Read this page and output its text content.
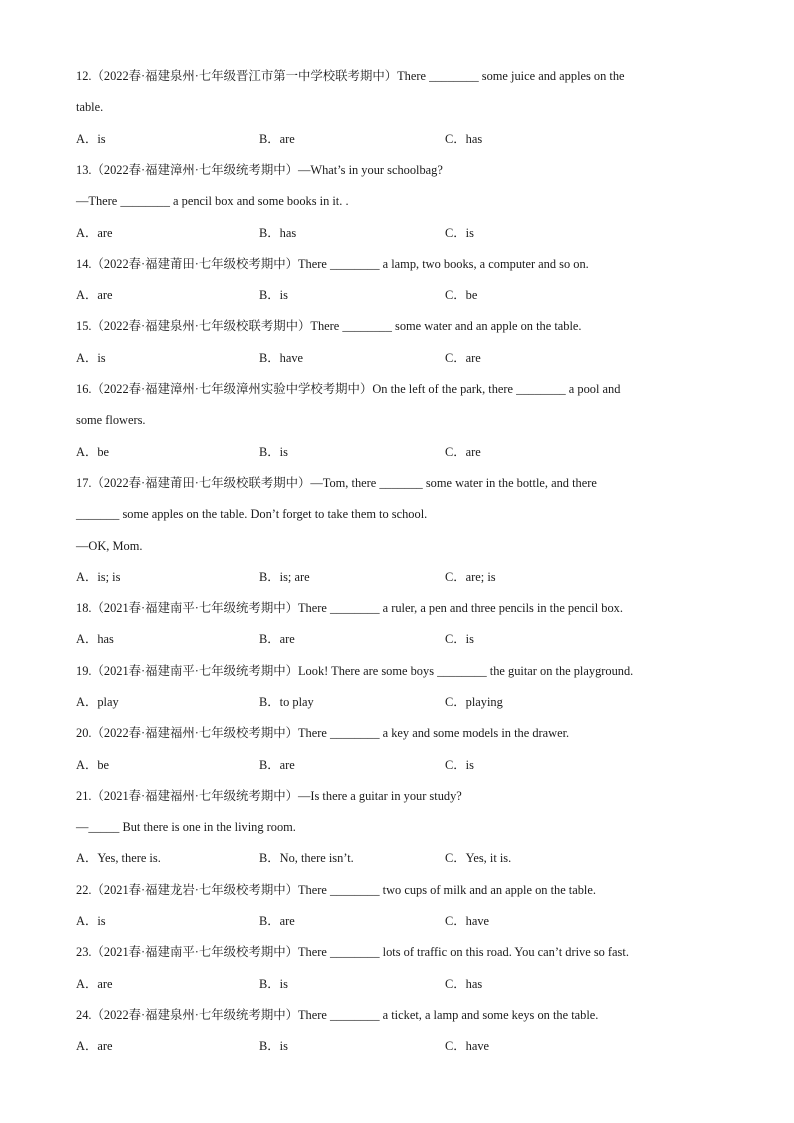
12.（2022春·福建泉州·七年级晋江市第一中学校联考期中）There ________ some juice and apples on the
table.
A．is	B．are	C．has
13.（2022春·福建漳州·七年级统考期中）—What’s in your schoolbag?
—There ________ a pencil box and some books in it. .
A．are	B．has	C．is
14.（2022春·福建莆田·七年级校考期中）There ________ a lamp, two books, a computer and so on.
A．are	B．is	C．be
15.（2022春·福建泉州·七年级校联考期中）There ________ some water and an apple on the table.
A．is	B．have	C．are
16.（2022春·福建漳州·七年级漳州实验中学校考期中）On the left of the park, there ________ a pool and
some flowers.
A．be	B．is	C．are
17.（2022春·福建莆田·七年级校联考期中）—Tom, there _______ some water in the bottle, and there
_______ some apples on the table. Don’t forget to take them to school.
—OK, Mom.
A．is; is	B．is; are	C．are; is
18.（2021春·福建南平·七年级统考期中）There ________ a ruler, a pen and three pencils in the pencil box.
A．has	B．are	C．is
19.（2021春·福建南平·七年级统考期中）Look! There are some boys ________ the guitar on the playground.
A．play	B．to play	C．playing
20.（2022春·福建福州·七年级校考期中）There ________ a key and some models in the drawer.
A．be	B．are	C．is
21.（2021春·福建福州·七年级统考期中）—Is there a guitar in your study?
—_____ But there is one in the living room.
A．Yes, there is.	B．No, there isn’t.	C．Yes, it is.
22.（2021春·福建龙岩·七年级校考期中）There ________ two cups of milk and an apple on the table.
A．is	B．are	C．have
23.（2021春·福建南平·七年级校考期中）There ________ lots of traffic on this road. You can’t drive so fast.
A．are	B．is	C．has
24.（2022春·福建泉州·七年级统考期中）There ________ a ticket, a lamp and some keys on the table.
A．are	B．is	C．have
